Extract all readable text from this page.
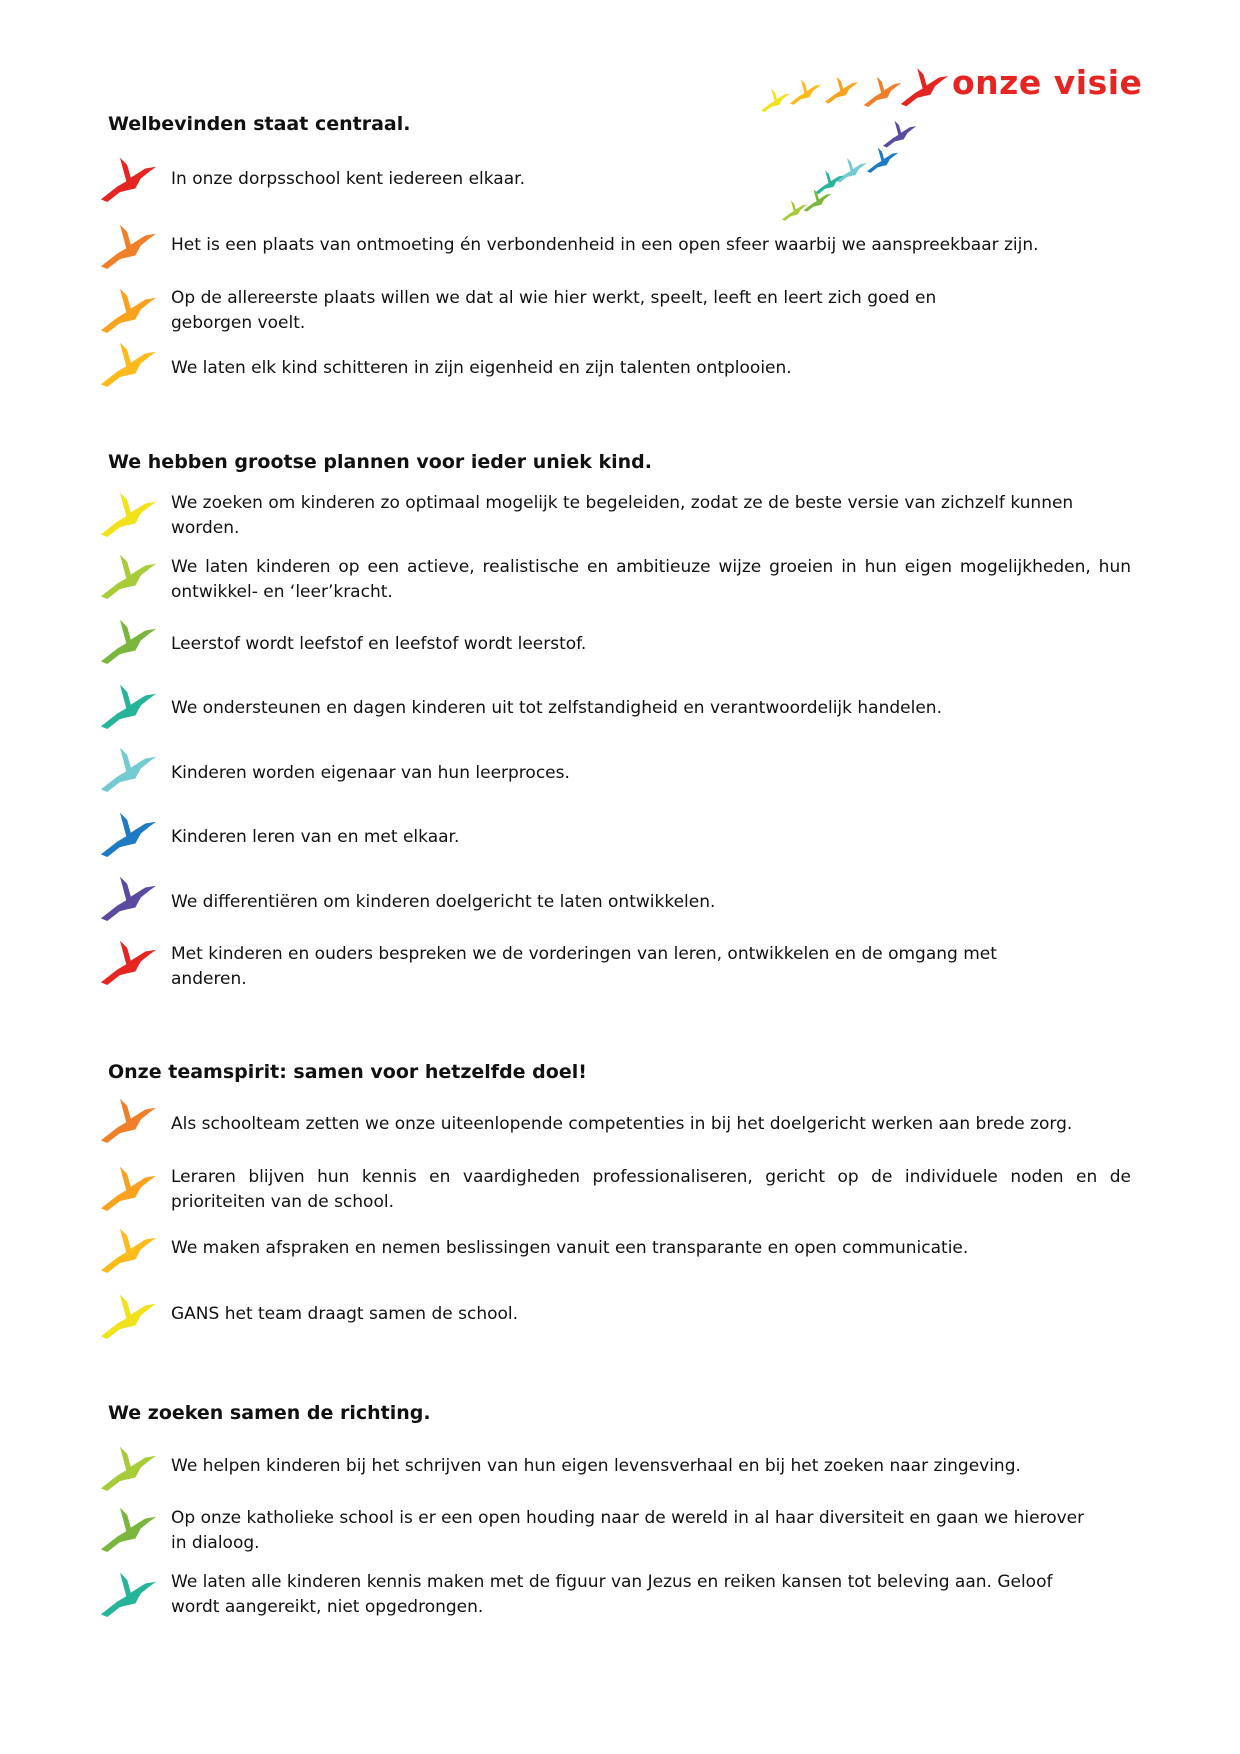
onze visie
Welbevinden staat centraal.
In onze dorpsschool kent iedereen elkaar.
Het is een plaats van ontmoeting én verbondenheid in een open sfeer waarbij we aanspreekbaar zijn.
Op de allereerste plaats willen we dat al wie hier werkt, speelt, leeft en leert zich goed en geborgen voelt.
We laten elk kind schitteren in zijn eigenheid en zijn talenten ontplooien.
We hebben grootse plannen voor ieder uniek kind.
We zoeken om kinderen zo optimaal mogelijk te begeleiden, zodat ze de beste versie van zichzelf kunnen worden.
We laten kinderen op een actieve, realistische en ambitieuze wijze groeien in hun eigen mogelijkheden, hun ontwikkel- en ‘leer’kracht.
Leerstof wordt leefstof en leefstof wordt leerstof.
We ondersteunen en dagen kinderen uit tot zelfstandigheid en verantwoordelijk handelen.
Kinderen worden eigenaar van hun leerproces.
Kinderen leren van en met elkaar.
We differentiëren om kinderen doelgericht te laten ontwikkelen.
Met kinderen en ouders bespreken we de vorderingen van leren, ontwikkelen en de omgang met anderen.
Onze teamspirit: samen voor hetzelfde doel!
Als schoolteam zetten we onze uiteenlopende competenties in bij het doelgericht werken aan brede zorg.
Leraren blijven hun kennis en vaardigheden professionaliseren, gericht op de individuele noden en de prioriteiten van de school.
We maken afspraken en nemen beslissingen vanuit een transparante en open communicatie.
GANS het team draagt samen de school.
We zoeken samen de richting.
We helpen kinderen bij het schrijven van hun eigen levensverhaal en bij het zoeken naar zingeving.
Op onze katholieke school is er een open houding naar de wereld in al haar diversiteit en gaan we hierover in dialoog.
We laten alle kinderen kennis maken met de figuur van Jezus en reiken kansen tot beleving aan. Geloof wordt aangereikt, niet opgedrongen.
